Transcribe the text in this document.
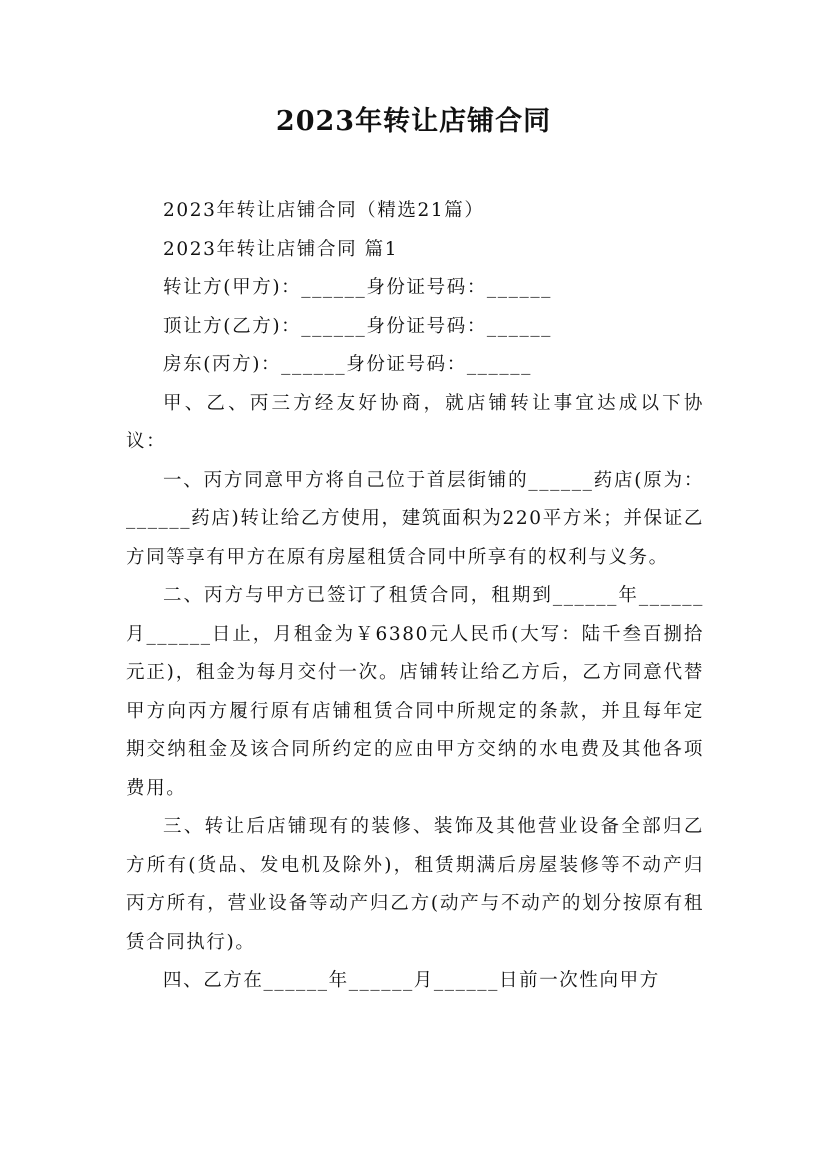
2023年转让店铺合同

2023年转让店铺合同（精选21篇）

2023年转让店铺合同 篇1

转让方(甲方)：______身份证号码：______

顶让方(乙方)：______身份证号码：______

房东(丙方)：______身份证号码：______

甲、乙、丙三方经友好协商，就店铺转让事宜达成以下协议：

一、丙方同意甲方将自己位于首层街铺的______药店(原为：______药店)转让给乙方使用，建筑面积为220平方米；并保证乙方同等享有甲方在原有房屋租赁合同中所享有的权利与义务。

二、丙方与甲方已签订了租赁合同，租期到______年______月______日止，月租金为￥6380元人民币(大写：陆千叁百捌拾元正)，租金为每月交付一次。店铺转让给乙方后，乙方同意代替甲方向丙方履行原有店铺租赁合同中所规定的条款，并且每年定期交纳租金及该合同所约定的应由甲方交纳的水电费及其他各项费用。

三、转让后店铺现有的装修、装饰及其他营业设备全部归乙方所有(货品、发电机及除外)，租赁期满后房屋装修等不动产归丙方所有，营业设备等动产归乙方(动产与不动产的划分按原有租赁合同执行)。

四、乙方在______年______月______日前一次性向甲方
